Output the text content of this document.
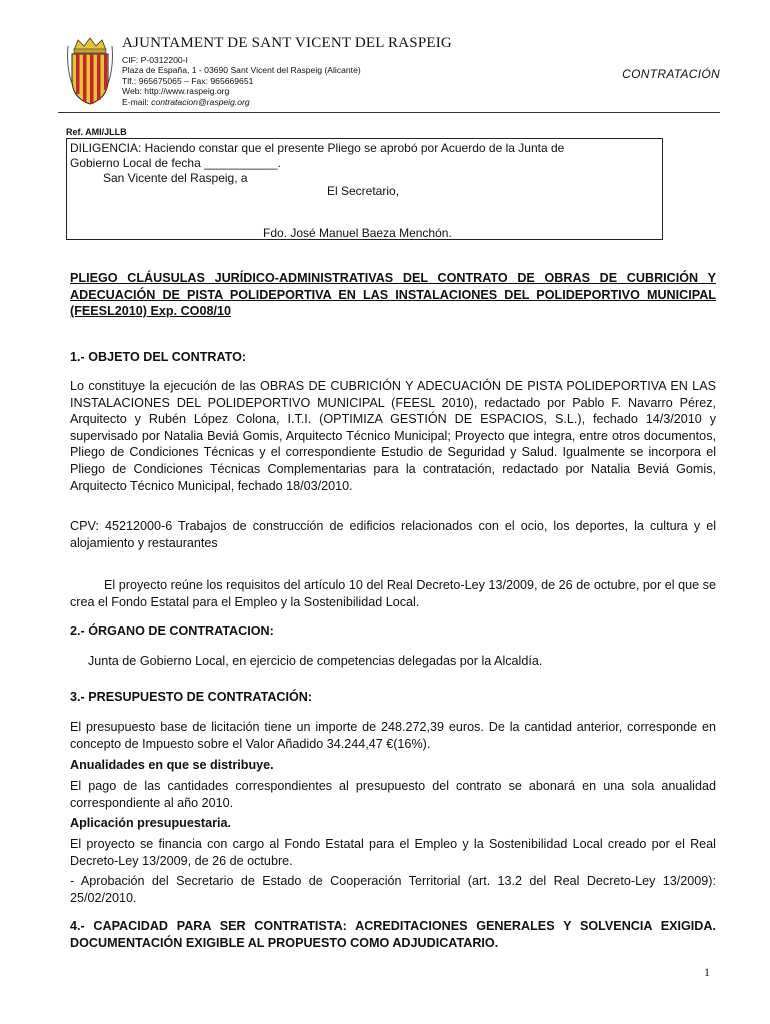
AJUNTAMENT DE SANT VICENT DEL RASPEIG
CIF: P-0312200-I
Plaza de España, 1 - 03690 Sant Vicent del Raspeig (Alicante)
Tlf.: 965675065 – Fax: 965669651
Web: http://www.raspeig.org
E-mail: contratacion@raspeig.org
CONTRATACIÓN
Ref. AMI/JLLB
DILIGENCIA: Haciendo constar que el presente Pliego se aprobó por Acuerdo de la Junta de
Gobierno Local de fecha ___________.
San Vicente del Raspeig, a
El Secretario,
Fdo. José Manuel Baeza Menchón.
PLIEGO CLÁUSULAS JURÍDICO-ADMINISTRATIVAS DEL CONTRATO DE OBRAS DE CUBRICIÓN Y ADECUACIÓN DE PISTA POLIDEPORTIVA EN LAS INSTALACIONES DEL POLIDEPORTIVO MUNICIPAL (FEESL2010) Exp. CO08/10
1.- OBJETO DEL CONTRATO:
Lo constituye la ejecución de las OBRAS DE CUBRICIÓN Y ADECUACIÓN DE PISTA POLIDEPORTIVA EN LAS INSTALACIONES DEL POLIDEPORTIVO MUNICIPAL (FEESL 2010), redactado por Pablo F. Navarro Pérez, Arquitecto y Rubén López Colona, I.T.I. (OPTIMIZA GESTIÓN DE ESPACIOS, S.L.), fechado 14/3/2010 y supervisado por Natalia Beviá Gomis, Arquitecto Técnico Municipal; Proyecto que integra, entre otros documentos, Pliego de Condiciones Técnicas y el correspondiente Estudio de Seguridad y Salud. Igualmente se incorpora el Pliego de Condiciones Técnicas Complementarias para la contratación, redactado por Natalia Beviá Gomis, Arquitecto Técnico Municipal, fechado 18/03/2010.
CPV: 45212000-6 Trabajos de construcción de edificios relacionados con el ocio, los deportes, la cultura y el alojamiento y restaurantes
El proyecto reúne los requisitos del artículo 10 del Real Decreto-Ley 13/2009, de 26 de octubre, por el que se crea el Fondo Estatal para el Empleo y la Sostenibilidad Local.
2.- ÓRGANO DE CONTRATACION:
Junta de Gobierno Local, en ejercicio de competencias delegadas por la Alcaldía.
3.- PRESUPUESTO DE CONTRATACIÓN:
El presupuesto base de licitación tiene un importe de 248.272,39 euros. De la cantidad anterior, corresponde en concepto de Impuesto sobre el Valor Añadido 34.244,47 €(16%).
Anualidades en que se distribuye.
El pago de las cantidades correspondientes al presupuesto del contrato se abonará en una sola anualidad correspondiente al año 2010.
Aplicación presupuestaria.
El proyecto se financia con cargo al Fondo Estatal para el Empleo y la Sostenibilidad Local creado por el Real Decreto-Ley 13/2009, de 26 de octubre.
- Aprobación del Secretario de Estado de Cooperación Territorial (art. 13.2 del Real Decreto-Ley 13/2009): 25/02/2010.
4.- CAPACIDAD PARA SER CONTRATISTA: ACREDITACIONES GENERALES Y SOLVENCIA EXIGIDA. DOCUMENTACIÓN EXIGIBLE AL PROPUESTO COMO ADJUDICATARIO.
1
